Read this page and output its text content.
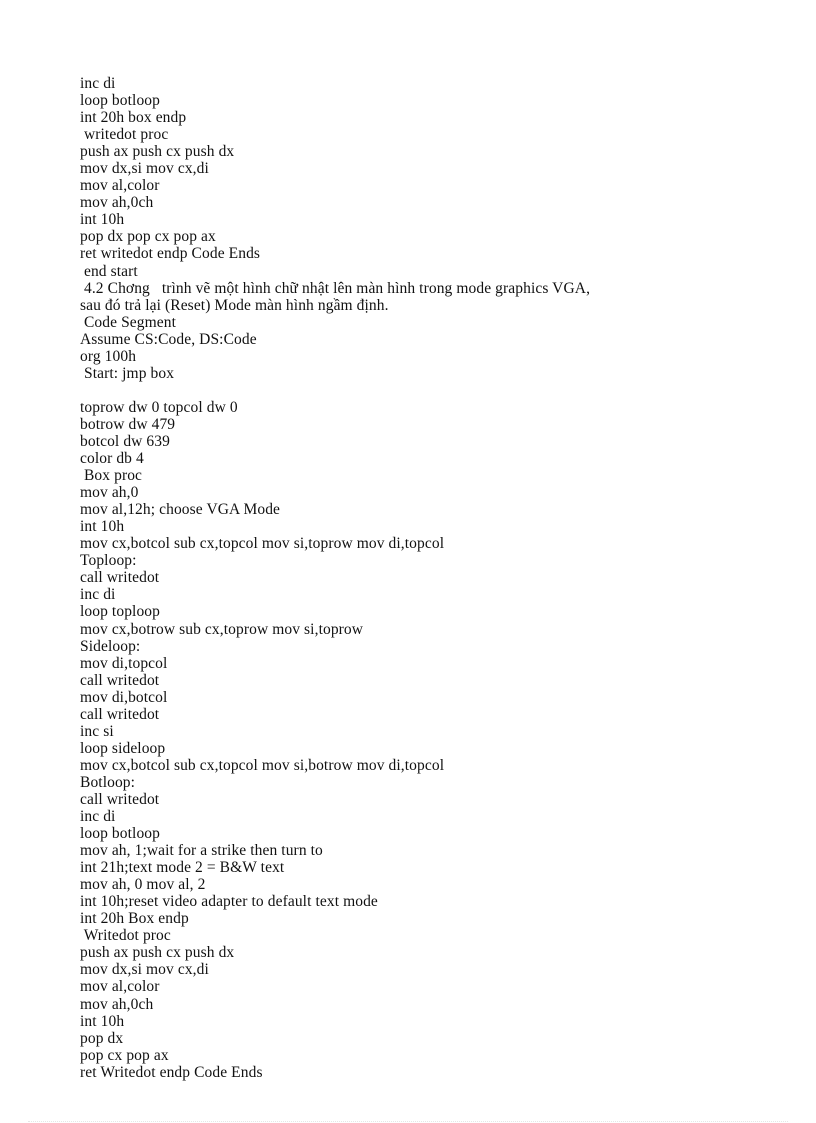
inc di
loop botloop
int 20h box endp
writedot proc
push ax push cx push dx
mov dx,si mov cx,di
mov al,color
mov ah,0ch
int 10h
pop dx pop cx pop ax
ret writedot endp Code Ends
end start
4.2 Chơng   trình vẽ một hình chữ nhật lên màn hình trong mode graphics VGA,
sau đó trả lại (Reset) Mode màn hình ngầm định.
Code Segment
Assume CS:Code, DS:Code
org 100h
Start: jmp box
toprow dw 0 topcol dw 0
botrow dw 479
botcol dw 639
color db 4
Box proc
mov ah,0
mov al,12h; choose VGA Mode
int 10h
mov cx,botcol sub cx,topcol mov si,toprow mov di,topcol
Toploop:
call writedot
inc di
loop toploop
mov cx,botrow sub cx,toprow mov si,toprow
Sideloop:
mov di,topcol
call writedot
mov di,botcol
call writedot
inc si
loop sideloop
mov cx,botcol sub cx,topcol mov si,botrow mov di,topcol
Botloop:
call writedot
inc di
loop botloop
mov ah, 1;wait for a strike then turn to
int 21h;text mode 2 = B&W text
mov ah, 0 mov al, 2
int 10h;reset video adapter to default text mode
int 20h Box endp
Writedot proc
push ax push cx push dx
mov dx,si mov cx,di
mov al,color
mov ah,0ch
int 10h
pop dx
pop cx pop ax
ret Writedot endp Code Ends
